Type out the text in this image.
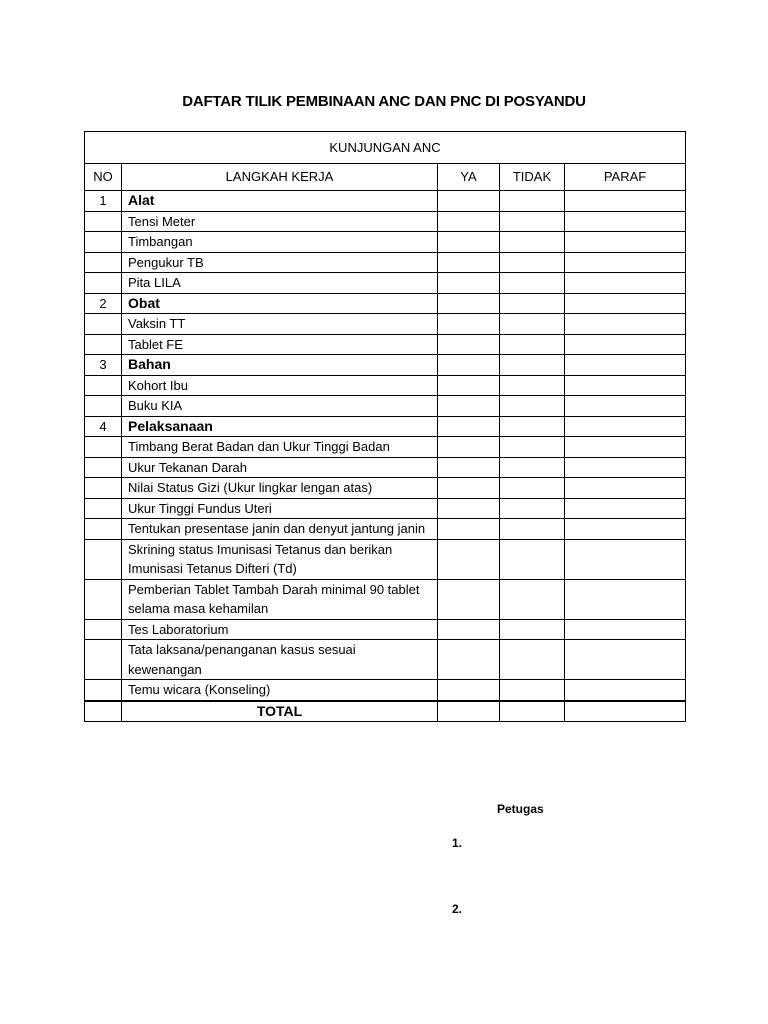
DAFTAR TILIK PEMBINAAN ANC DAN PNC DI POSYANDU
KUNJUNGAN ANC				
NO	LANGKAH KERJA	YA	TIDAK	PARAF
1	Alat			
	Tensi Meter			
	Timbangan			
	Pengukur TB			
	Pita LILA			
2	Obat			
	Vaksin TT			
	Tablet FE			
3	Bahan			
	Kohort Ibu			
	Buku KIA			
4	Pelaksanaan			
	Timbang Berat Badan dan Ukur Tinggi Badan			
	Ukur Tekanan Darah			
	Nilai Status Gizi (Ukur lingkar lengan atas)			
	Ukur Tinggi Fundus Uteri			
	Tentukan presentase janin dan denyut jantung janin			
	Skrining status Imunisasi Tetanus dan berikan Imunisasi Tetanus Difteri (Td)			
	Pemberian Tablet Tambah Darah minimal 90 tablet selama masa kehamilan			
	Tes Laboratorium			
	Tata laksana/penanganan kasus sesuai kewenangan			
	Temu wicara (Konseling)			

	TOTAL			
Petugas
1.
2.
